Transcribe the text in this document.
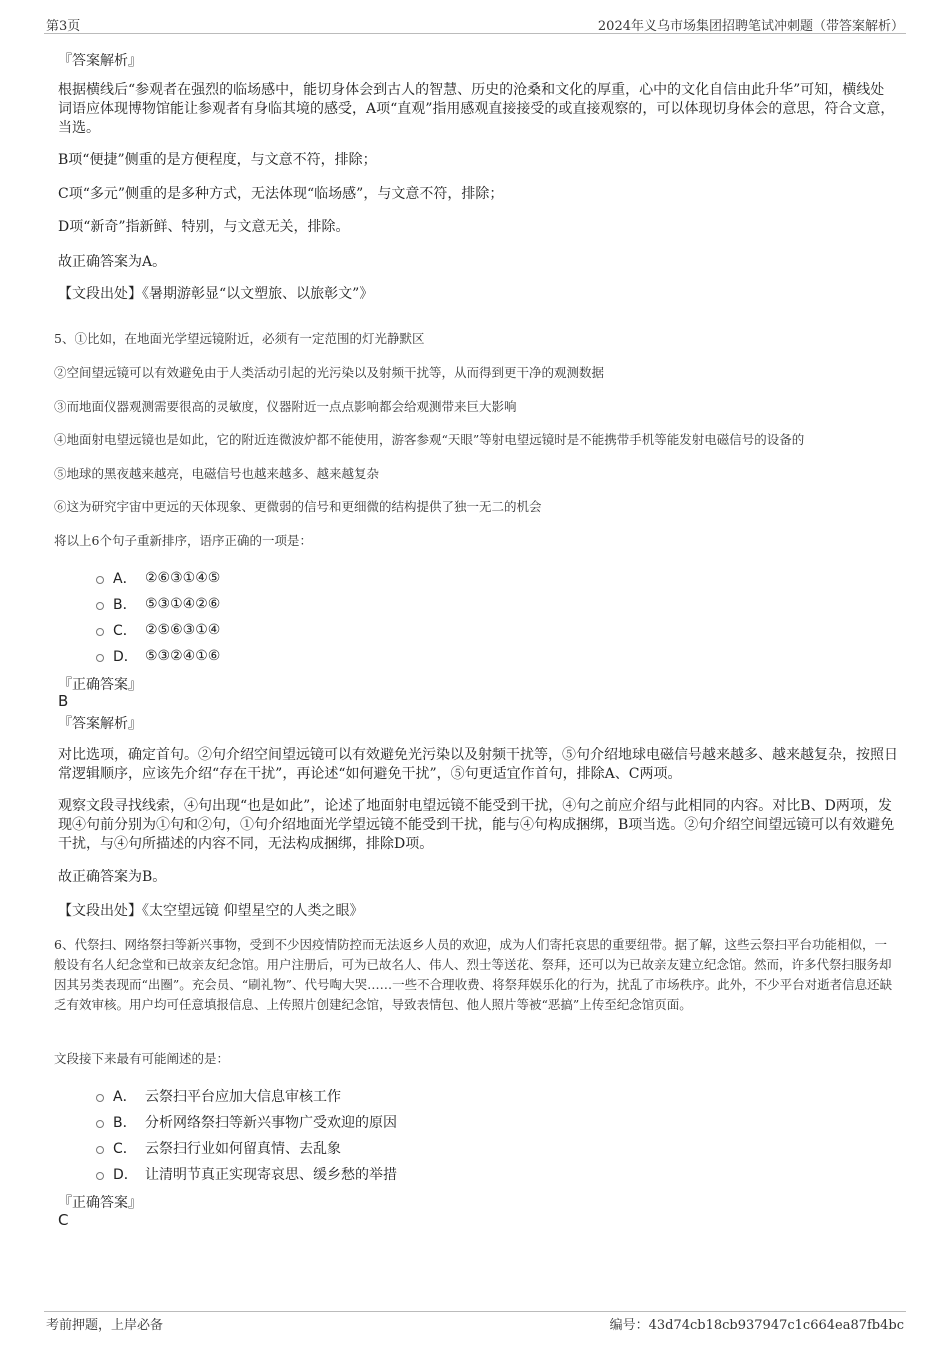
第3页	2024年义乌市场集团招聘笔试冲刺题（带答案解析）
『答案解析』
根据横线后“参观者在强烈的临场感中，能切身体会到古人的智慧、历史的沧桑和文化的厚重，心中的文化自信由此升华”可知，横线处词语应体现博物馆能让参观者有身临其境的感受，A项“直观”指用感观直接接受的或直接观察的，可以体现切身体会的意思，符合文意，当选。
B项“便捷”侧重的是方便程度，与文意不符，排除；
C项“多元”侧重的是多种方式，无法体现“临场感”，与文意不符，排除；
D项“新奇”指新鲜、特别，与文意无关，排除。
故正确答案为A。
【文段出处】《暑期游彰显“以文塑旅、以旅彰文”》
5、①比如，在地面光学望远镜附近，必须有一定范围的灯光静默区
②空间望远镜可以有效避免由于人类活动引起的光污染以及射频干扰等，从而得到更干净的观测数据
③而地面仪器观测需要很高的灵敏度，仪器附近一点点影响都会给观测带来巨大影响
④地面射电望远镜也是如此，它的附近连微波炉都不能使用，游客参观“天眼”等射电望远镜时是不能携带手机等能发射电磁信号的设备的
⑤地球的黑夜越来越亮，电磁信号也越来越多、越来越复杂
⑥这为研究宇宙中更远的天体现象、更微弱的信号和更细微的结构提供了独一无二的机会
将以上6个句子重新排序，语序正确的一项是：
A． ②⑥③①④⑤
B． ⑤③①④②⑥
C． ②⑤⑥③①④
D． ⑤③②④①⑥
『正确答案』
B
『答案解析』
对比选项，确定首句。②句介绍空间望远镜可以有效避免光污染以及射频干扰等，⑤句介绍地球电磁信号越来越多、越来越复杂，按照日常逻辑顺序，应该先介绍“存在干扰”，再论述“如何避免干扰”，⑤句更适宜作首句，排除A、C两项。
观察文段寻找线索，④句出现“也是如此”，论述了地面射电望远镜不能受到干扰，④句之前应介绍与此相同的内容。对比B、D两项，发现④句前分别为①句和②句，①句介绍地面光学望远镜不能受到干扰，能与④句构成捆绑，B项当选。②句介绍空间望远镜可以有效避免干扰，与④句所描述的内容不同，无法构成捆绑，排除D项。
故正确答案为B。
【文段出处】《太空望远镜 仰望星空的人类之眼》
6、代祭扫、网络祭扫等新兴事物，受到不少因疫情防控而无法返乡人员的欢迎，成为人们寄托哀思的重要纽带。据了解，这些云祭扫平台功能相似，一般设有名人纪念堂和已故亲友纪念馆。用户注册后，可为已故名人、伟人、烈士等送花、祭拜，还可以为已故亲友建立纪念馆。然而，许多代祭扫服务却因其另类表现而“出圈”。充会员、“刷礼物”、代号啕大哭……一些不合理收费、将祭拜娱乐化的行为，扰乱了市场秩序。此外，不少平台对逝者信息还缺乏有效审核。用户均可任意填报信息、上传照片创建纪念馆，导致表情包、他人照片等被“恶搞”上传至纪念馆页面。
文段接下来最有可能阐述的是：
A． 云祭扫平台应加大信息审核工作
B． 分析网络祭扫等新兴事物广受欢迎的原因
C． 云祭扫行业如何留真情、去乱象
D． 让清明节真正实现寄哀思、缓乡愁的举措
『正确答案』
C
考前押题，上岸必备	编号：43d74cb18cb937947c1c664ea87fb4bc
